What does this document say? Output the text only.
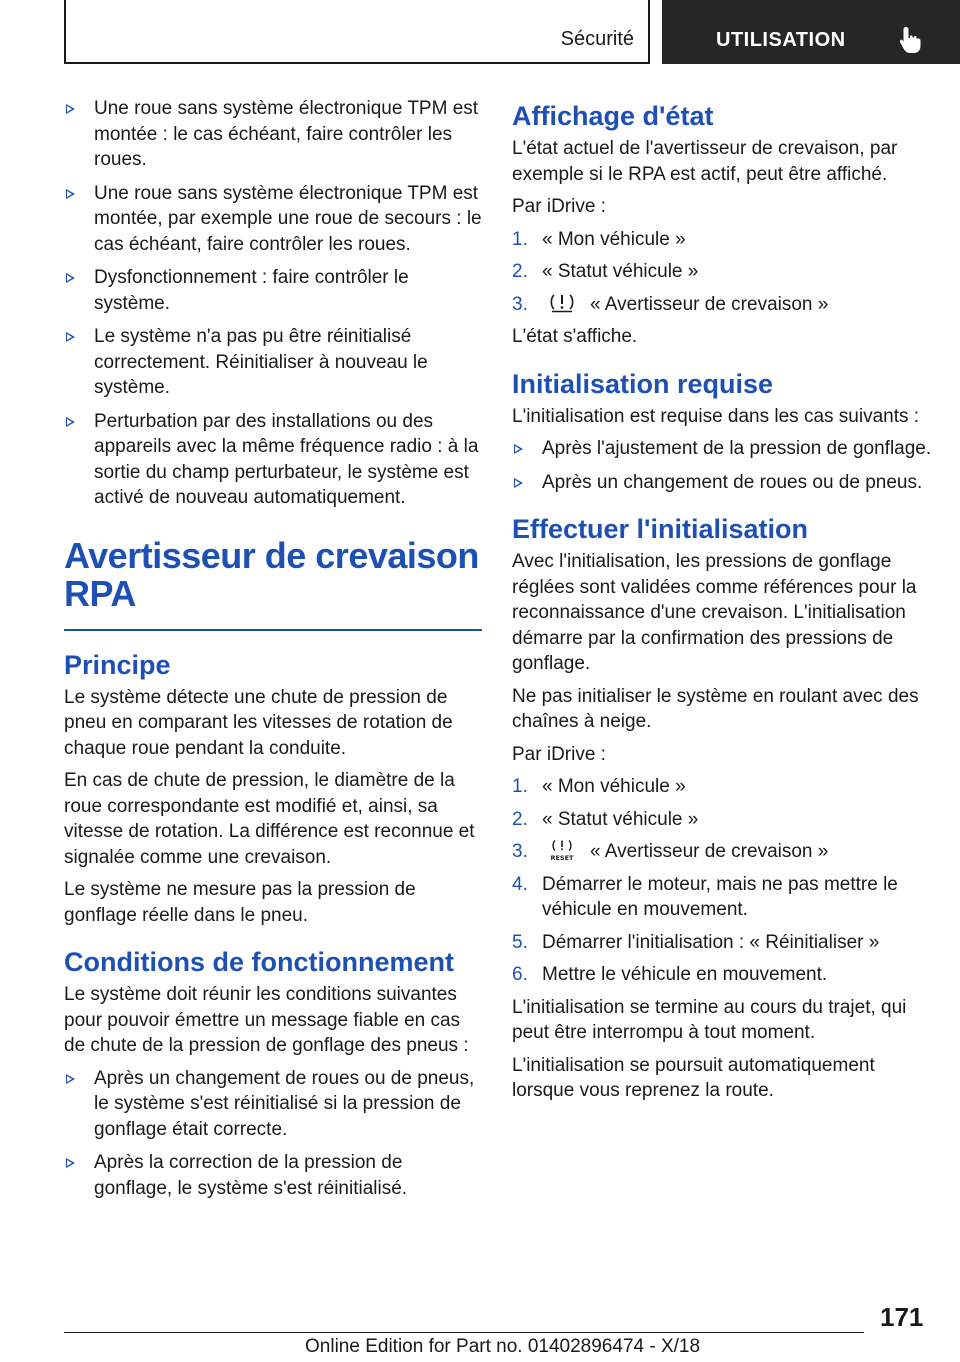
Sécurité	UTILISATION
Une roue sans système électronique TPM est montée : le cas échéant, faire contrôler les roues.
Une roue sans système électronique TPM est montée, par exemple une roue de secours : le cas échéant, faire contrôler les roues.
Dysfonctionnement : faire contrôler le système.
Le système n'a pas pu être réinitialisé correctement. Réinitialiser à nouveau le système.
Perturbation par des installations ou des appareils avec la même fréquence radio : à la sortie du champ perturbateur, le système est activé de nouveau automatiquement.
Avertisseur de crevaison RPA
Principe

Le système détecte une chute de pression de pneu en comparant les vitesses de rotation de chaque roue pendant la conduite.

En cas de chute de pression, le diamètre de la roue correspondante est modifié et, ainsi, sa vitesse de rotation. La différence est reconnue et signalée comme une crevaison.

Le système ne mesure pas la pression de gonflage réelle dans le pneu.

Conditions de fonctionnement

Le système doit réunir les conditions suivantes pour pouvoir émettre un message fiable en cas de chute de la pression de gonflage des pneus :

Après un changement de roues ou de pneus, le système s'est réinitialisé si la pression de gonflage était correcte.
Après la correction de la pression de gonflage, le système s'est réinitialisé.
Affichage d'état

L'état actuel de l'avertisseur de crevaison, par exemple si le RPA est actif, peut être affiché.

Par iDrive :

1. « Mon véhicule »
2. « Statut véhicule »
3.	« Avertisseur de crevaison »

L'état s'affiche.

Initialisation requise

L'initialisation est requise dans les cas suivants :

Après l'ajustement de la pression de gonflage.
Après un changement de roues ou de pneus.
Effectuer l'initialisation

Avec l'initialisation, les pressions de gonflage réglées sont validées comme références pour la reconnaissance d'une crevaison. L'initialisation démarre par la confirmation des pressions de gonflage.

Ne pas initialiser le système en roulant avec des chaînes à neige.

Par iDrive :

1. « Mon véhicule »
2. « Statut véhicule »
3.	RESET « Avertisseur de crevaison »
4. Démarrer le moteur, mais ne pas mettre le véhicule en mouvement.
5. Démarrer l'initialisation : « Réinitialiser »
6. Mettre le véhicule en mouvement.

L'initialisation se termine au cours du trajet, qui peut être interrompu à tout moment.

L'initialisation se poursuit automatiquement lorsque vous reprenez la route.

171
Online Edition for Part no. 01402896474 - X/18
